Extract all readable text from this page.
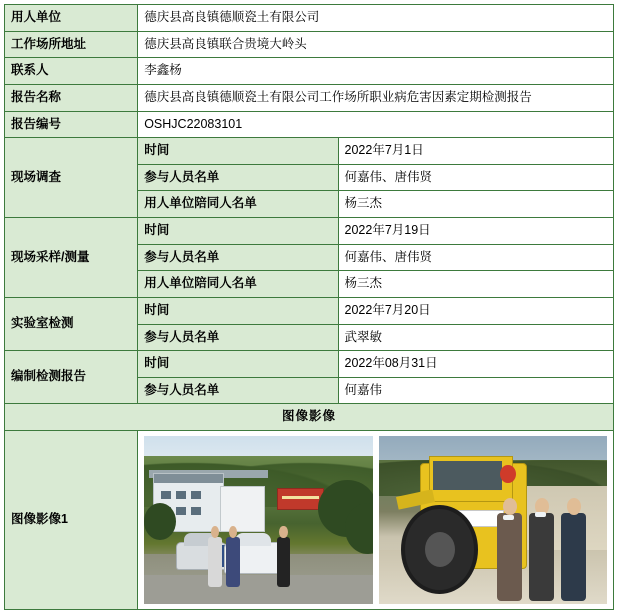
用人单位	德庆县高良镇德顺瓷土有限公司	
工作场所地址	德庆县高良镇联合贵境大岭头	
联系人	李鑫杨	
报告名称	德庆县高良镇德顺瓷土有限公司工作场所职业病危害因素定期检测报告	
报告编号	OSHJC22083101	
现场调查	时间	2022年7月1日
	参与人员名单	何嘉伟、唐伟贤
	用人单位陪同人名单	杨三杰
现场采样/测量	时间	2022年7月19日
	参与人员名单	何嘉伟、唐伟贤
	用人单位陪同人名单	杨三杰
实验室检测	时间	2022年7月20日
	参与人员名单	武翠敏
编制检测报告	时间	2022年08月31日
	参与人员名单	何嘉伟
图像影像		
图像影像1		
